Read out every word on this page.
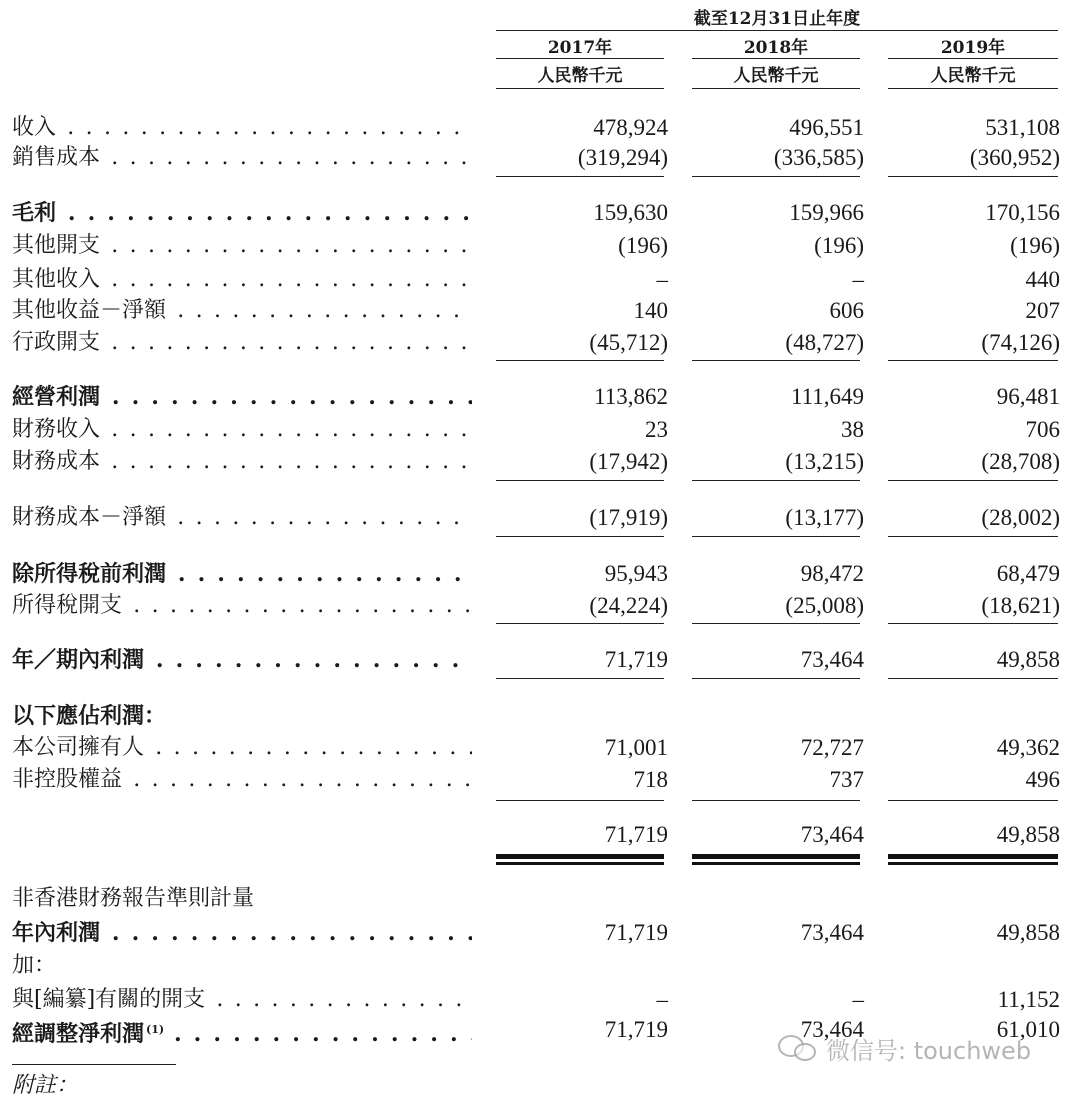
截至12月31日止年度
2017年	2018年	2019年
人民幣千元	人民幣千元	人民幣千元
收入 . . .	478,924	496,551	531,108
銷售成本 . . .	(319,294)	(336,585)	(360,952)
毛利 . . .	159,630	159,966	170,156
其他開支 . . .	(196)	(196)	(196)
其他收入 . . .	–	–	440
其他收益－淨額 . . .	140	606	207
行政開支 . . .	(45,712)	(48,727)	(74,126)
經營利潤 . . .	113,862	111,649	96,481
財務收入 . . .	23	38	706
財務成本 . . .	(17,942)	(13,215)	(28,708)
財務成本－淨額 . . .	(17,919)	(13,177)	(28,002)
除所得稅前利潤 . . .	95,943	98,472	68,479
所得稅開支 . . .	(24,224)	(25,008)	(18,621)
年／期內利潤 . . .	71,719	73,464	49,858
以下應佔利潤：
本公司擁有人 . . .	71,001	72,727	49,362
非控股權益 . . .	718	737	496
71,719	73,464	49,858
非香港財務報告準則計量
年內利潤 . . .	71,719	73,464	49,858
加：
與[編纂]有關的開支 . . .	–	–	11,152
經調整淨利潤 $^{(1)}$ . . .	71,719	73,464	61,010
附註：
微信号: touchweb
